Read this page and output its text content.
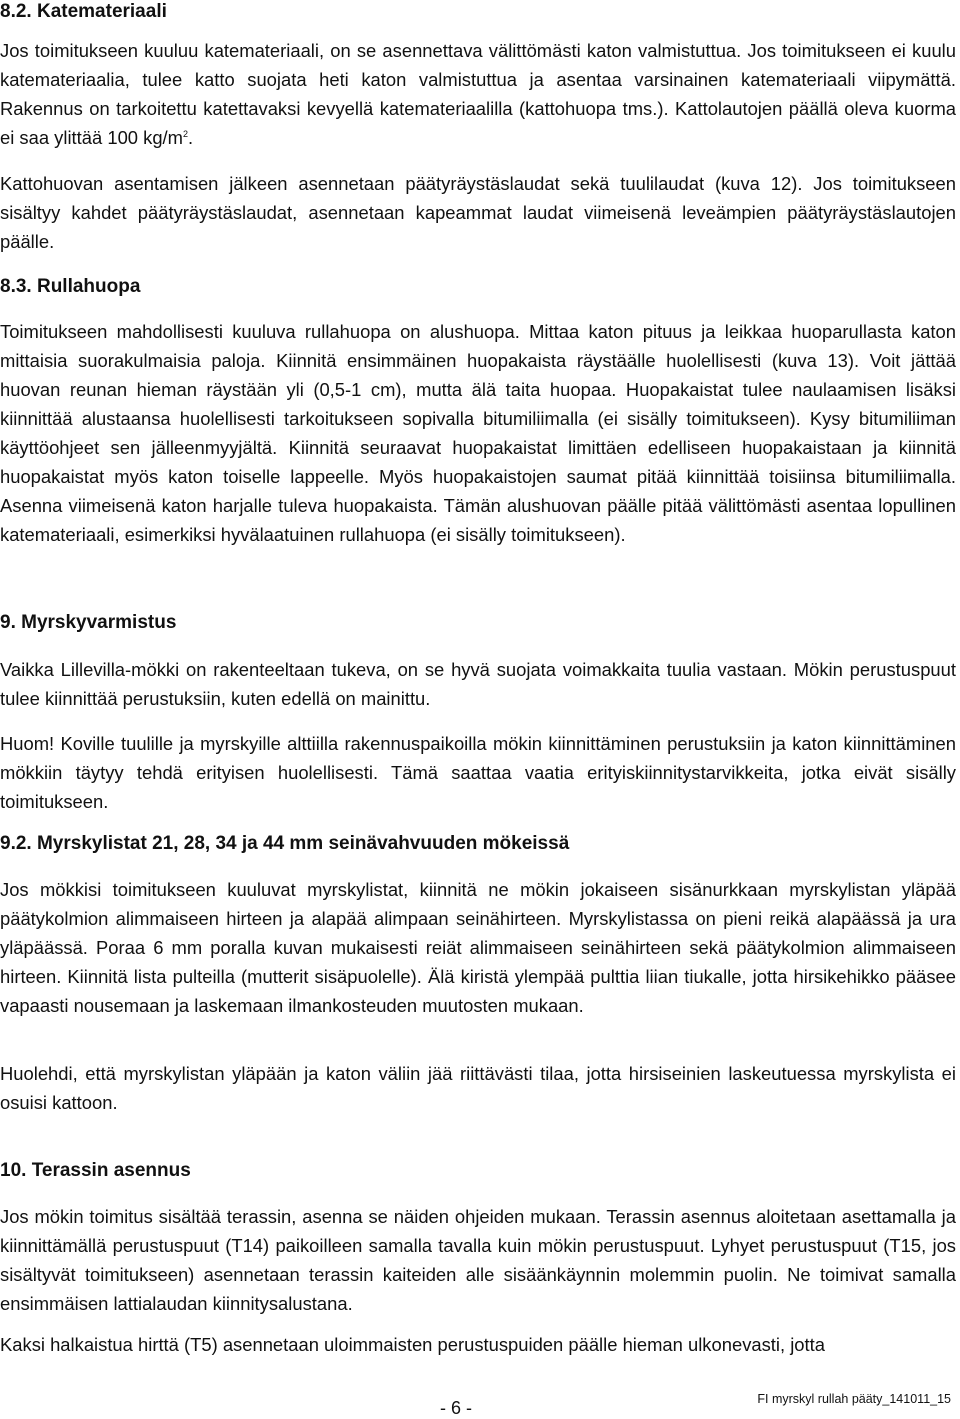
8.2. Katemateriaali

Jos toimitukseen kuuluu katemateriaali, on se asennettava välittömästi katon valmistuttua. Jos toimitukseen ei kuulu katemateriaalia, tulee katto suojata heti katon valmistuttua ja asentaa varsinainen katemateriaali viipymättä. Rakennus on tarkoitettu katettavaksi kevyellä katemateriaalilla (kattohuopa tms.). Kattolautojen päällä oleva kuorma ei saa ylittää 100 $kg/m^2$.

Kattohuovan asentamisen jälkeen asennetaan päätyräystäslaudat sekä tuulilaudat (kuva 12). Jos toimitukseen sisältyy kahdet päätyräystäslaudat, asennetaan kapeammat laudat viimeisenä leveämpien päätyräystäslautojen päälle.

8.3. Rullahuopa

Toimitukseen mahdollisesti kuuluva rullahuopa on alushuopa. Mittaa katon pituus ja leikkaa huoparullasta katon mittaisia suorakulmaisia paloja. Kiinnitä ensimmäinen huopakaista räystäälle huolellisesti (kuva 13). Voit jättää huovan reunan hieman räystään yli (0,5-1 cm), mutta älä taita huopaa. Huopakaistat tulee naulaamisen lisäksi kiinnittää alustaansa huolellisesti tarkoitukseen sopivalla bitumiliimalla (ei sisälly toimitukseen). Kysy bitumiliiman käyttöohjeet sen jälleenmyyjältä. Kiinnitä seuraavat huopakaistat limittäen edelliseen huopakaistaan ja kiinnitä huopakaistat myös katon toiselle lappeelle. Myös huopakaistojen saumat pitää kiinnittää toisiinsa bitumiliimalla. Asenna viimeisenä katon harjalle tuleva huopakaista. Tämän alushuovan päälle pitää välittömästi asentaa lopullinen katemateriaali, esimerkiksi hyvälaatuinen rullahuopa (ei sisälly toimitukseen).

9. Myrskyvarmistus

Vaikka Lillevilla-mökki on rakenteeltaan tukeva, on se hyvä suojata voimakkaita tuulia vastaan. Mökin perustuspuut tulee kiinnittää perustuksiin, kuten edellä on mainittu.

Huom! Koville tuulille ja myrskyille alttiilla rakennuspaikoilla mökin kiinnittäminen perustuksiin ja katon kiinnittäminen mökkiin täytyy tehdä erityisen huolellisesti. Tämä saattaa vaatia erityiskiinnitystarvikkeita, jotka eivät sisälly toimitukseen.

9.2. Myrskylistat 21, 28, 34 ja 44 mm seinävahvuuden mökeissä

Jos mökkisi toimitukseen kuuluvat myrskylistat, kiinnitä ne mökin jokaiseen sisänurkkaan myrskylistan yläpää päätykolmion alimmaiseen hirteen ja alapää alimpaan seinähirteen. Myrskylistassa on pieni reikä alapäässä ja ura yläpäässä. Poraa 6 mm poralla kuvan mukaisesti reiät alimmaiseen seinähirteen sekä päätykolmion alimmaiseen hirteen. Kiinnitä lista pulteilla (mutterit sisäpuolelle). Älä kiristä ylempää pulttia liian tiukalle, jotta hirsikehikko pääsee vapaasti nousemaan ja laskemaan ilmankosteuden muutosten mukaan.

Huolehdi, että myrskylistan yläpään ja katon väliin jää riittävästi tilaa, jotta hirsiseinien laskeutuessa myrskylista ei osuisi kattoon.

10. Terassin asennus

Jos mökin toimitus sisältää terassin, asenna se näiden ohjeiden mukaan. Terassin asennus aloitetaan asettamalla ja kiinnittämällä perustuspuut (T14) paikoilleen samalla tavalla kuin mökin perustuspuut. Lyhyet perustuspuut (T15, jos sisältyvät toimitukseen) asennetaan terassin kaiteiden alle sisäänkäynnin molemmin puolin. Ne toimivat samalla ensimmäisen lattialaudan kiinnitysalustana.

Kaksi halkaistua hirttä (T5) asennetaan uloimmaisten perustuspuiden päälle hieman ulkonevasti, jotta

- 6 -	FI myrskyl rullah pääty_141011_15
